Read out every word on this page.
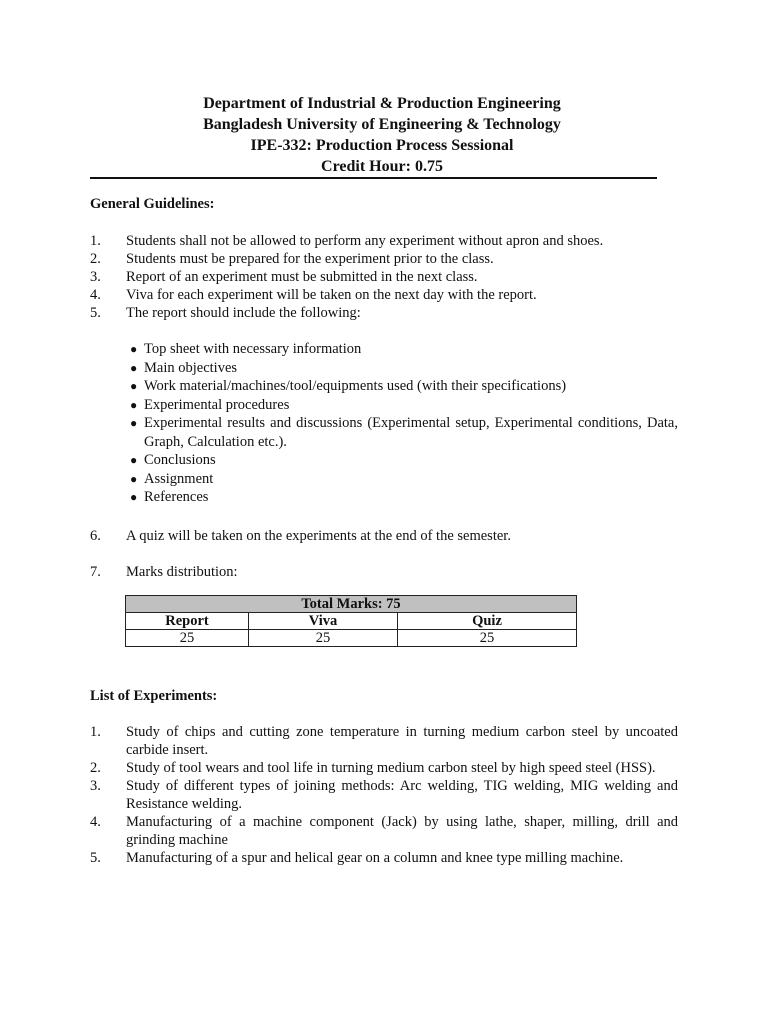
Department of Industrial & Production Engineering
Bangladesh University of Engineering & Technology
IPE-332: Production Process Sessional
Credit Hour: 0.75
General Guidelines:
1.	Students shall not be allowed to perform any experiment without apron and shoes.
2.	Students must be prepared for the experiment prior to the class.
3.	Report of an experiment must be submitted in the next class.
4.	Viva for each experiment will be taken on the next day with the report.
5.	The report should include the following:
● Top sheet with necessary information
● Main objectives
● Work material/machines/tool/equipments used (with their specifications)
● Experimental procedures
● Experimental results and discussions (Experimental setup, Experimental conditions, Data, Graph, Calculation etc.).
● Conclusions
● Assignment
● References
6.	A quiz will be taken on the experiments at the end of the semester.
7.	Marks distribution:
Total Marks: 75		
Report	Viva	Quiz
25	25	25
List of Experiments:
1.	Study of chips and cutting zone temperature in turning medium carbon steel by uncoated carbide insert.
2.	Study of tool wears and tool life in turning medium carbon steel by high speed steel (HSS).
3.	Study of different types of joining methods: Arc welding, TIG welding, MIG welding and Resistance welding.
4.	Manufacturing of a machine component (Jack) by using lathe, shaper, milling, drill and grinding machine
5.	Manufacturing of a spur and helical gear on a column and knee type milling machine.
